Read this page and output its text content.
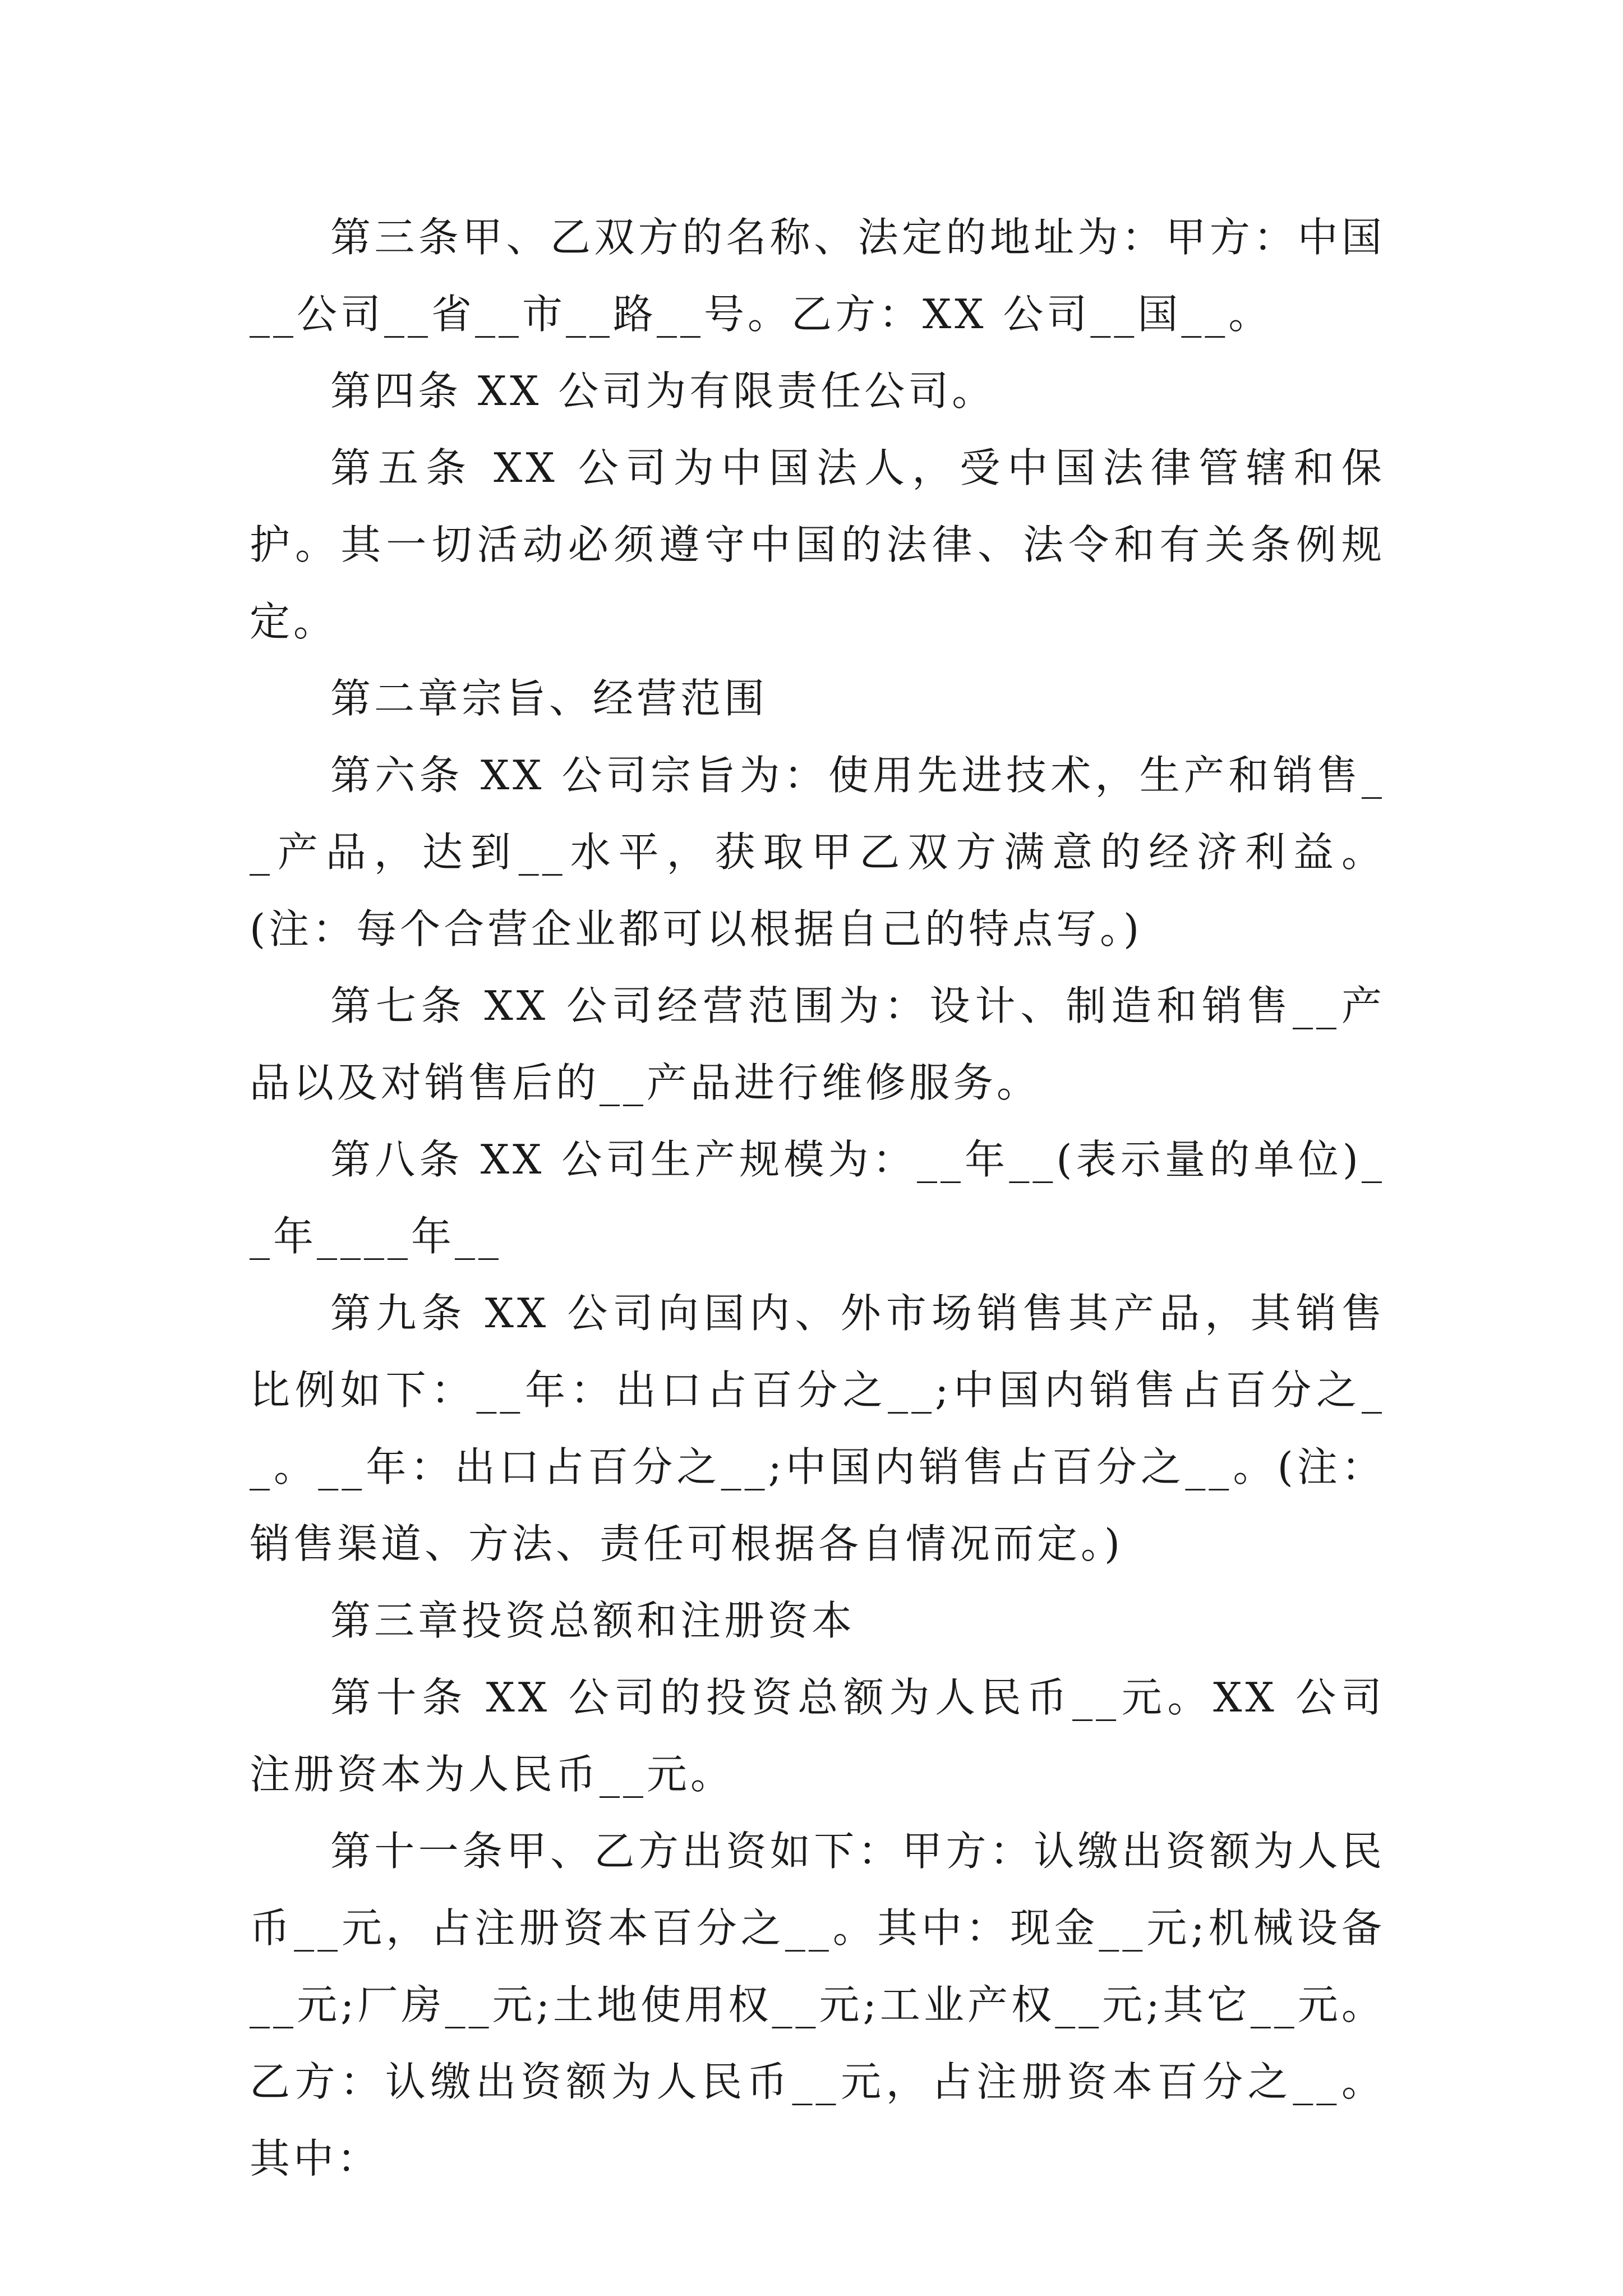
第三条甲、乙双方的名称、法定的地址为：甲方：中国__公司__省__市__路__号。乙方：XX 公司__国__。

第四条 XX 公司为有限责任公司。

第五条 XX 公司为中国法人，受中国法律管辖和保护。其一切活动必须遵守中国的法律、法令和有关条例规定。

第二章宗旨、经营范围

第六条 XX 公司宗旨为：使用先进技术，生产和销售__产品，达到__水平，获取甲乙双方满意的经济利益。(注：每个合营企业都可以根据自己的特点写。)

第七条 XX 公司经营范围为：设计、制造和销售__产品以及对销售后的__产品进行维修服务。

第八条 XX 公司生产规模为：__年__(表示量的单位)__年____年__

第九条 XX 公司向国内、外市场销售其产品，其销售比例如下：__年：出口占百分之__;中国内销售占百分之__。__年：出口占百分之__;中国内销售占百分之__。(注：销售渠道、方法、责任可根据各自情况而定。)

第三章投资总额和注册资本

第十条 XX 公司的投资总额为人民币__元。XX 公司注册资本为人民币__元。

第十一条甲、乙方出资如下：甲方：认缴出资额为人民币__元，占注册资本百分之__。其中：现金__元;机械设备__元;厂房__元;土地使用权__元;工业产权__元;其它__元。乙方：认缴出资额为人民币__元，占注册资本百分之__。其中：
